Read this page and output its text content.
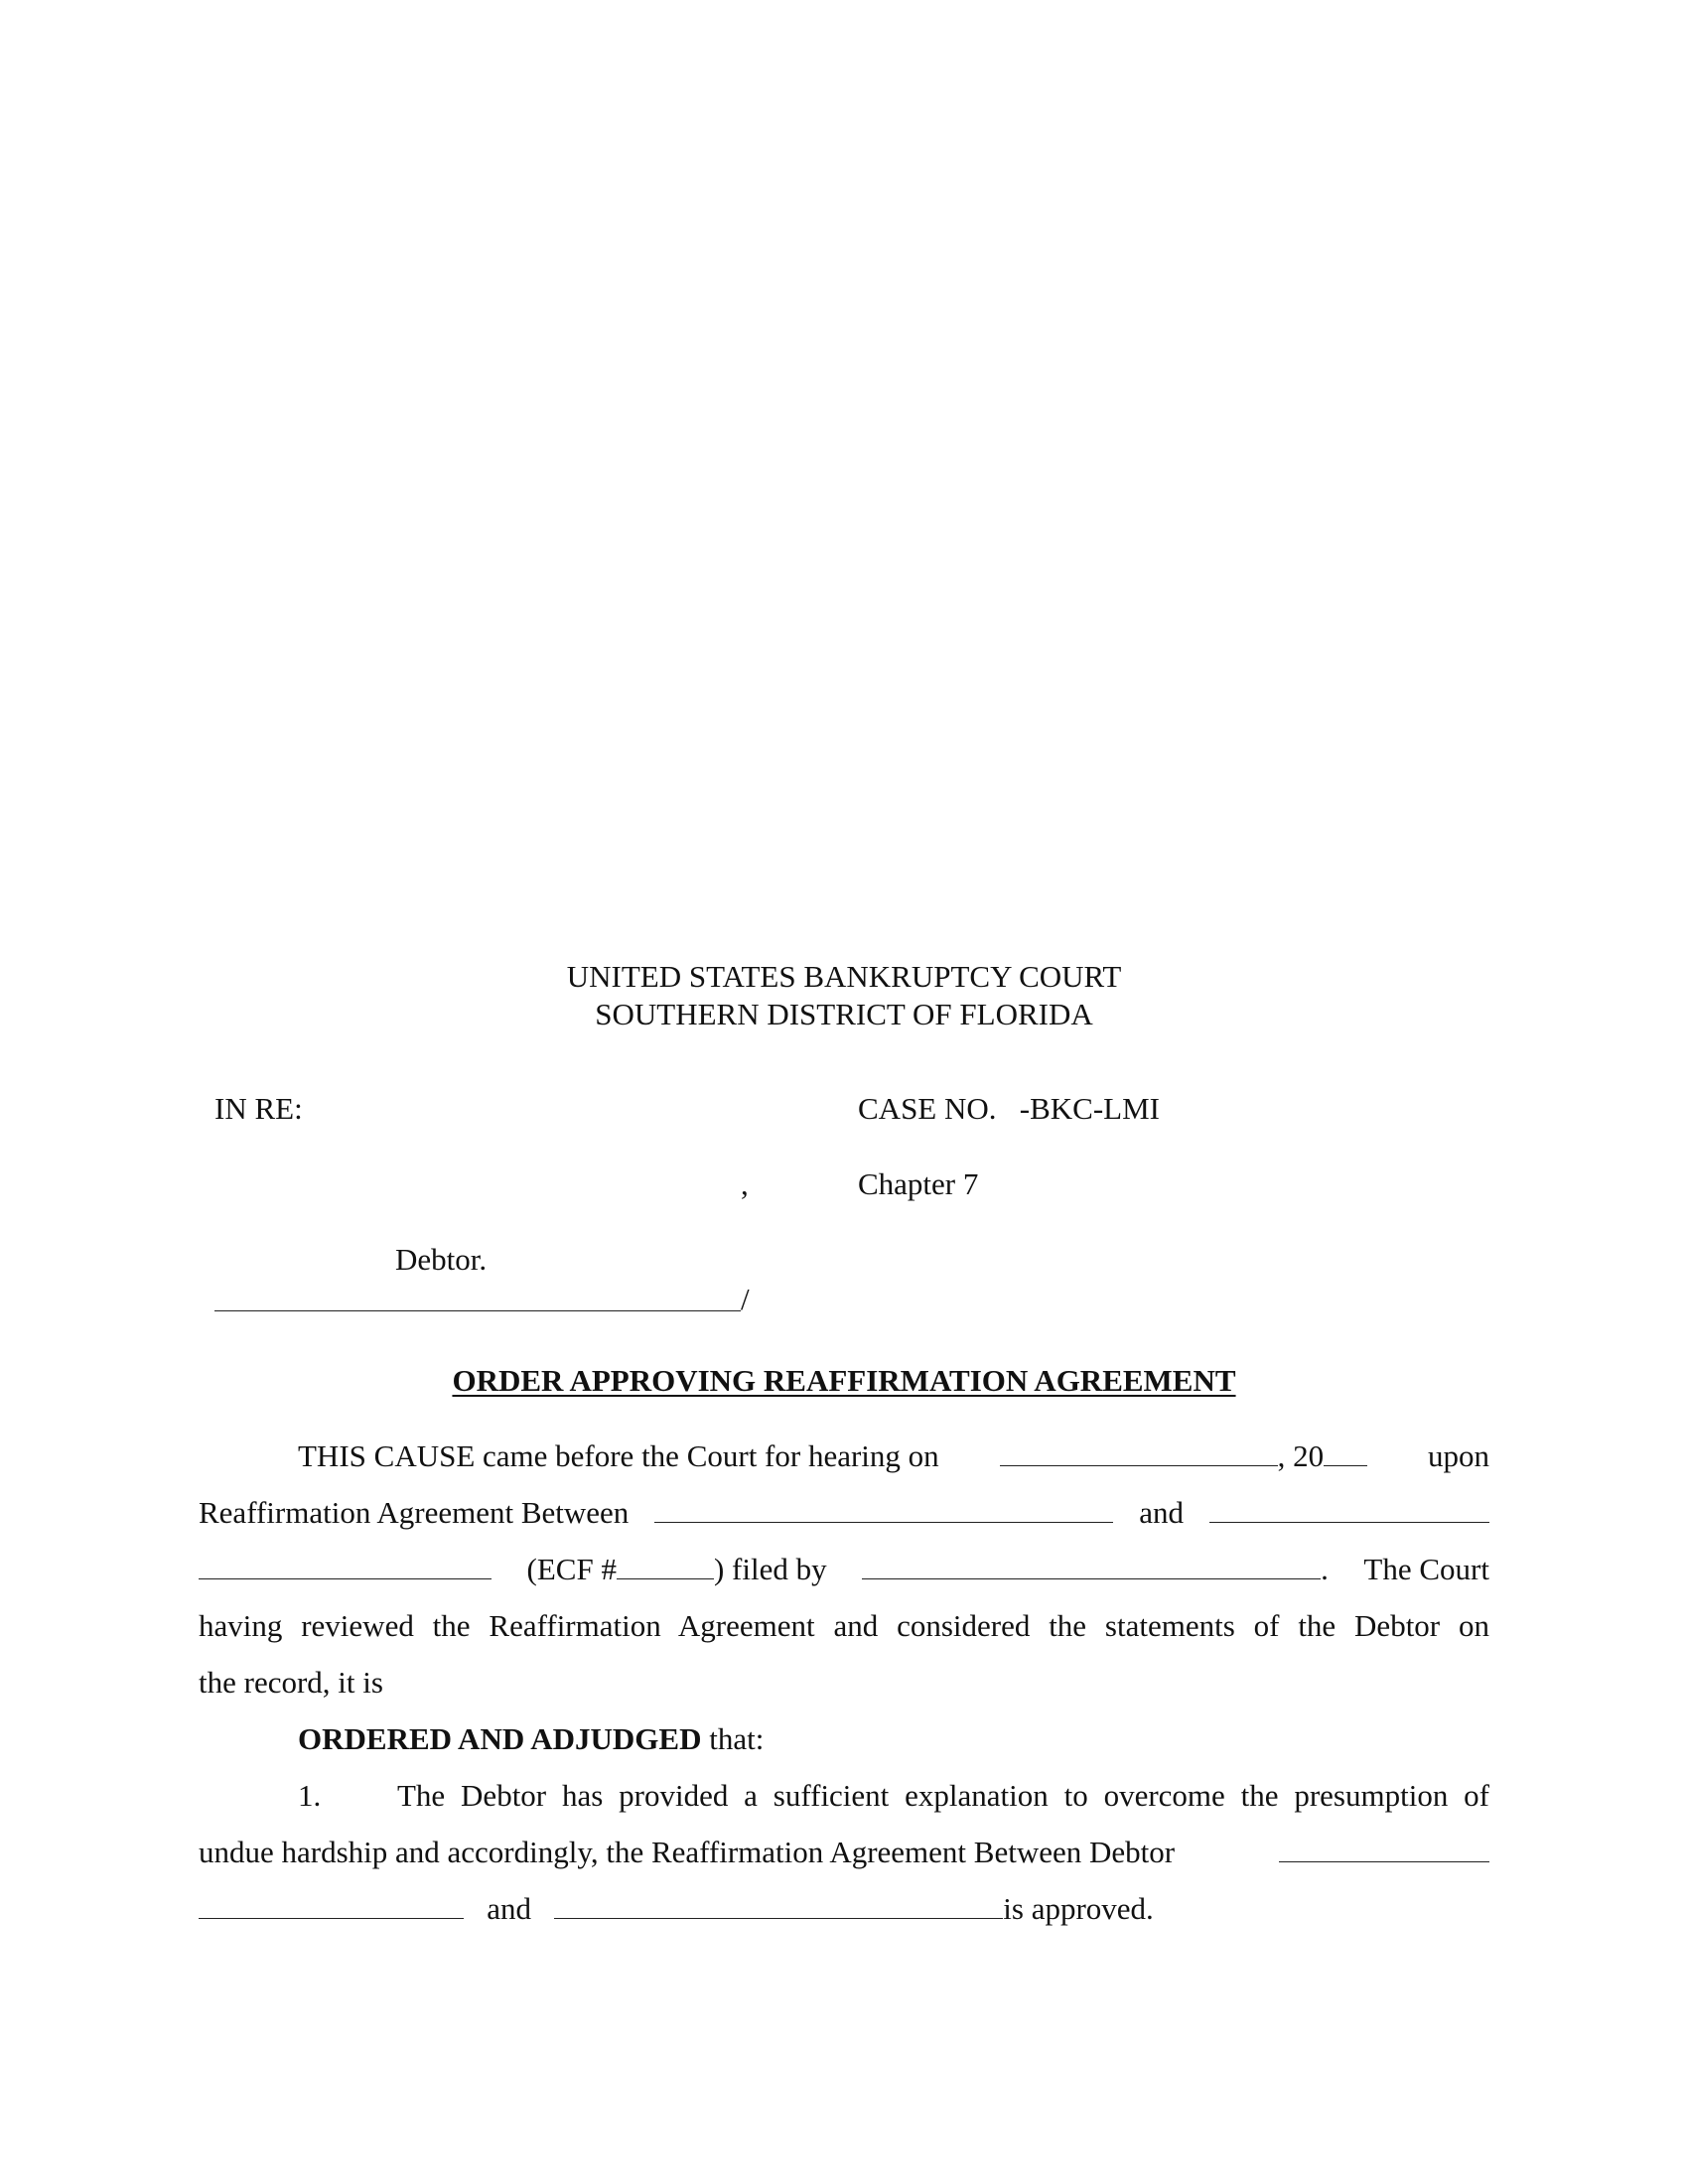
UNITED STATES BANKRUPTCY COURT
SOUTHERN DISTRICT OF FLORIDA
IN RE:	CASE NO.   -BKC-LMI
,	Chapter 7
Debtor.
/
ORDER APPROVING REAFFIRMATION AGREEMENT
THIS CAUSE came before the Court for hearing on	, 20	upon
Reaffirmation Agreement Between	and
(ECF #	) filed by	. The Court
having reviewed the Reaffirmation Agreement and considered the statements of the Debtor on
the record, it is
ORDERED AND ADJUDGED that:
1. The Debtor has provided a sufficient explanation to overcome the presumption of
undue hardship and accordingly, the Reaffirmation Agreement Between Debtor
and	is approved.
